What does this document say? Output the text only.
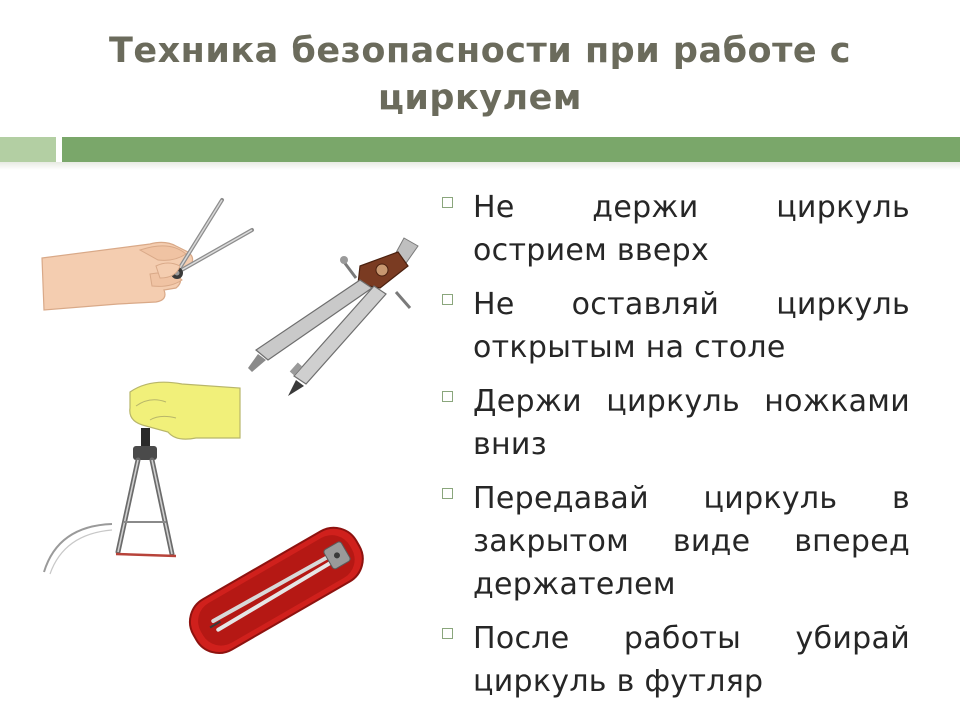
Техника безопасности при работе с циркулем
Не держи циркуль острием вверх
Не оставляй циркуль открытым на столе
Держи циркуль ножками вниз
Передавай циркуль в закрытом виде вперед держателем
После работы убирай циркуль в футляр
